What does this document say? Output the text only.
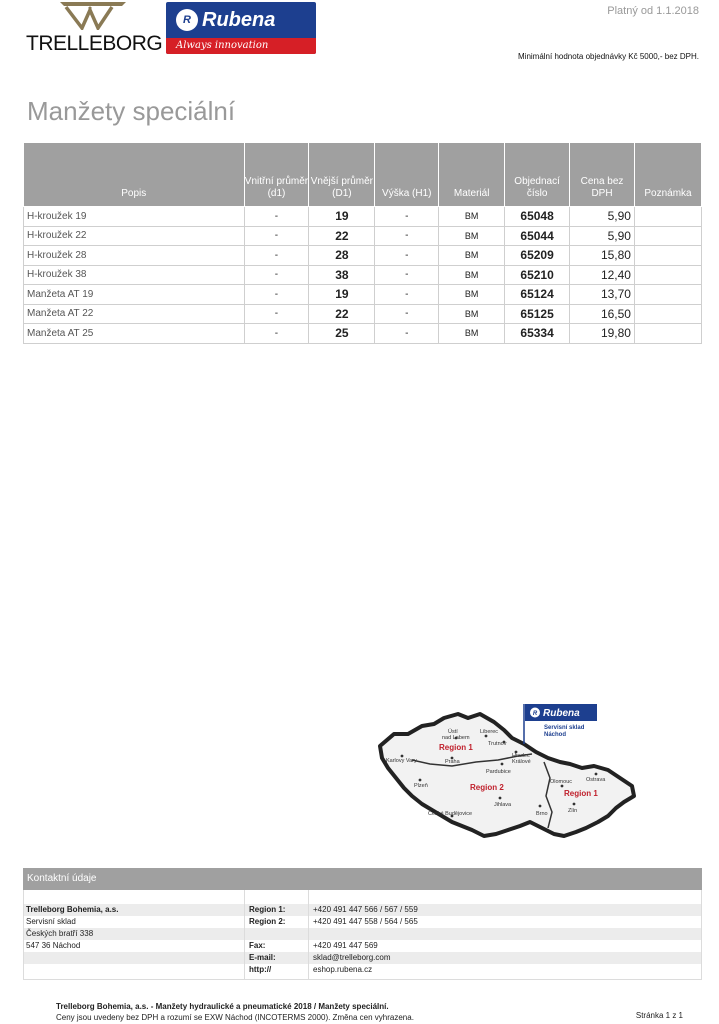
TRELLEBORG
R Rubena
Always innovation
Platný od 1.1.2018
Minimální hodnota objednávky Kč 5000,- bez DPH.
Manžety speciální
Popis	Vnitřní průměr (d1)	Vnější průměr (D1)	Výška (H1)	Materiál	Objednací číslo	Cena bez DPH	Poznámka
H-kroužek 19	-	19	-	BM	65048	5,90	
H-kroužek 22	-	22	-	BM	65044	5,90	
H-kroužek 28	-	28	-	BM	65209	15,80	
H-kroužek 38	-	38	-	BM	65210	12,40	
Manžeta AT 19	-	19	-	BM	65124	13,70	
Manžeta AT 22	-	22	-	BM	65125	16,50	
Manžeta AT 25	-	25	-	BM	65334	19,80	
R Rubena
Servisní sklad
Náchod
Ústí
nad Labem
Liberec
Trutnov
Hradec
Králové
Karlovy Vary	Praha
Pardubice
Plzeň
Jihlava
České Budějovice	Brno
Olomouc	Ostrava
Zlín
Region 1
Region 2
Region 1
Kontaktní údaje
Trelleborg Bohemia, a.s.	Region 1:	+420 491 447 566 / 567 / 559
Servisní sklad	Region 2:	+420 491 447 558 / 564 / 565
Českých bratří 338
547 36 Náchod	Fax:	+420 491 447 569
E-mail:	sklad@trelleborg.com
http://	eshop.rubena.cz
Trelleborg Bohemia, a.s. - Manžety hydraulické a pneumatické 2018 / Manžety speciální.
Ceny jsou uvedeny bez DPH a rozumí se EXW Náchod (INCOTERMS 2000). Změna cen vyhrazena.	Stránka 1 z 1
